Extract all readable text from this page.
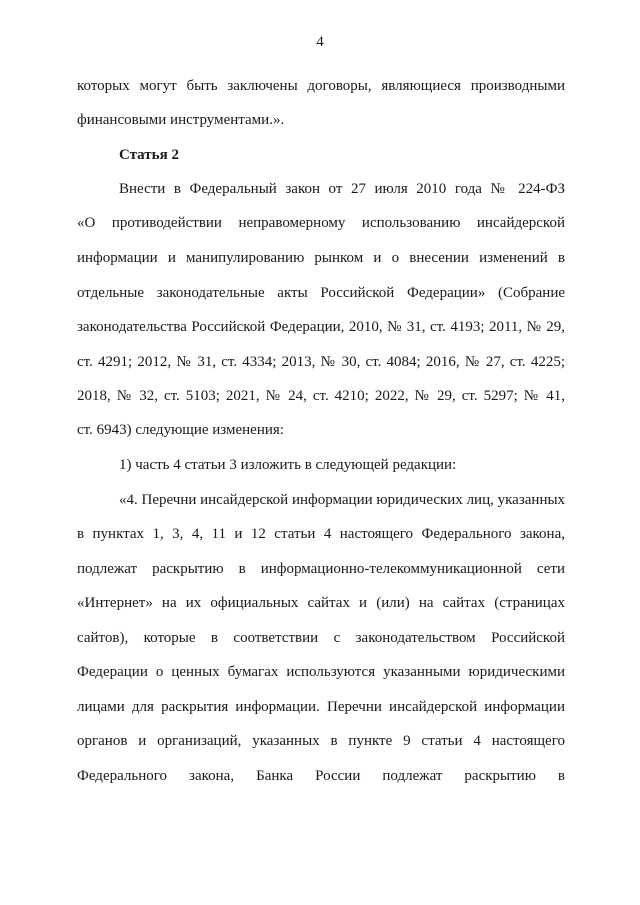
4
которых могут быть заключены договоры, являющиеся производными
финансовыми инструментами.».
Статья 2
Внести в Федеральный закон от 27 июля 2010 года № 224-ФЗ
«О противодействии неправомерному использованию инсайдерской
информации и манипулированию рынком и о внесении изменений в
отдельные законодательные акты Российской Федерации» (Собрание
законодательства Российской Федерации, 2010, № 31, ст. 4193; 2011, № 29,
ст. 4291; 2012, № 31, ст. 4334; 2013, № 30, ст. 4084; 2016, № 27, ст. 4225;
2018, № 32, ст. 5103; 2021, № 24, ст. 4210; 2022, № 29, ст. 5297; № 41,
ст. 6943) следующие изменения:
1) часть 4 статьи 3 изложить в следующей редакции:
«4. Перечни инсайдерской информации юридических лиц, указанных
в пунктах 1, 3, 4, 11 и 12 статьи 4 настоящего Федерального закона,
подлежат раскрытию в информационно-телекоммуникационной сети
«Интернет» на их официальных сайтах и (или) на сайтах (страницах
сайтов), которые в соответствии с законодательством Российской
Федерации о ценных бумагах используются указанными юридическими
лицами для раскрытия информации. Перечни инсайдерской информации
органов и организаций, указанных в пункте 9 статьи 4 настоящего
Федерального закона, Банка России подлежат раскрытию в
